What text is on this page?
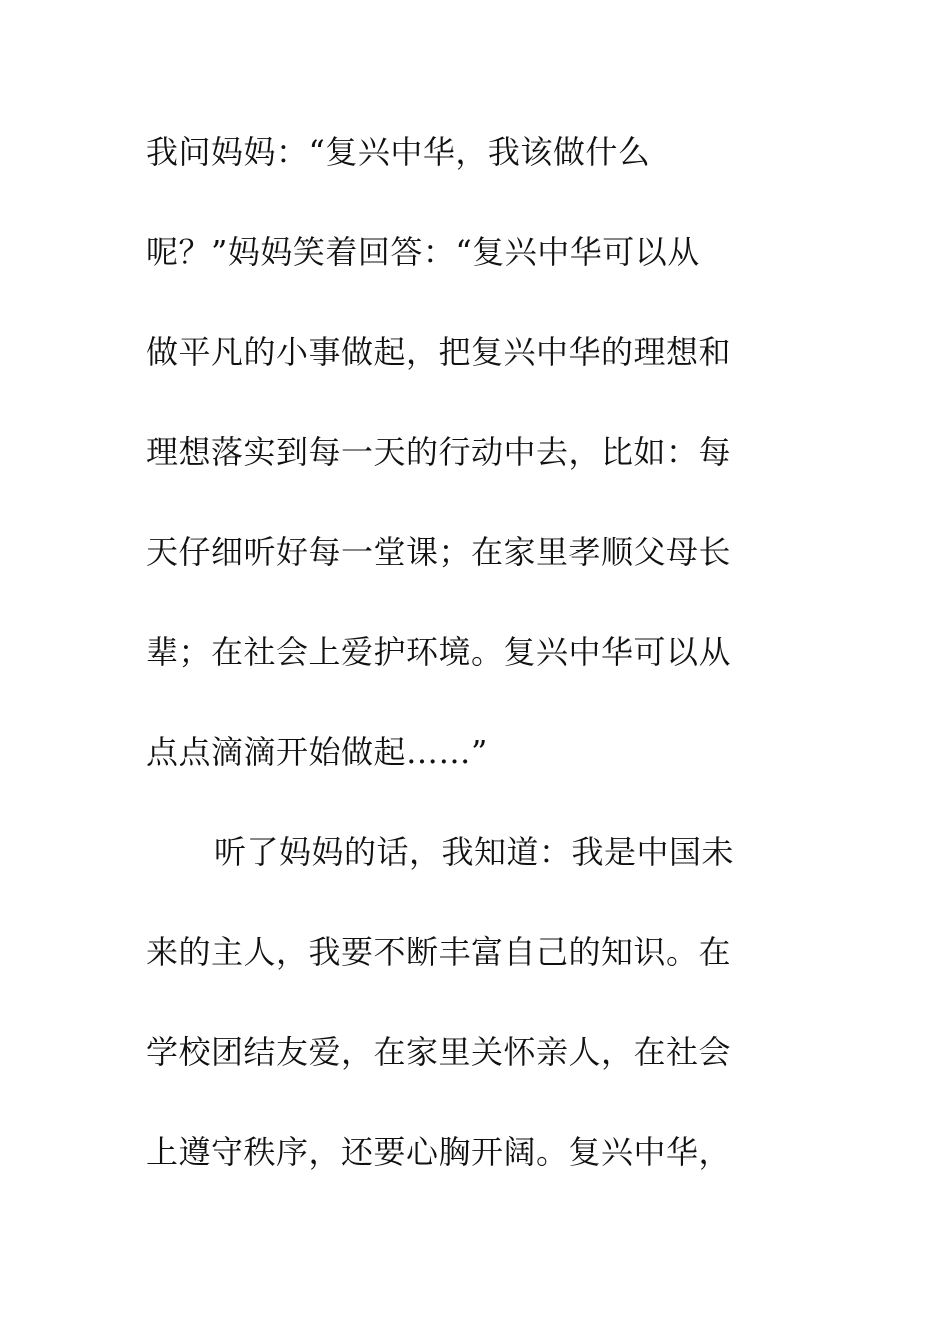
我问妈妈：“复兴中华，我该做什么
呢？”妈妈笑着回答：“复兴中华可以从
做平凡的小事做起，把复兴中华的理想和
理想落实到每一天的行动中去，比如：每
天仔细听好每一堂课；在家里孝顺父母长
辈；在社会上爱护环境。复兴中华可以从
点点滴滴开始做起……”
听了妈妈的话，我知道：我是中国未
来的主人，我要不断丰富自己的知识。在
学校团结友爱，在家里关怀亲人，在社会
上遵守秩序，还要心胸开阔。复兴中华，
